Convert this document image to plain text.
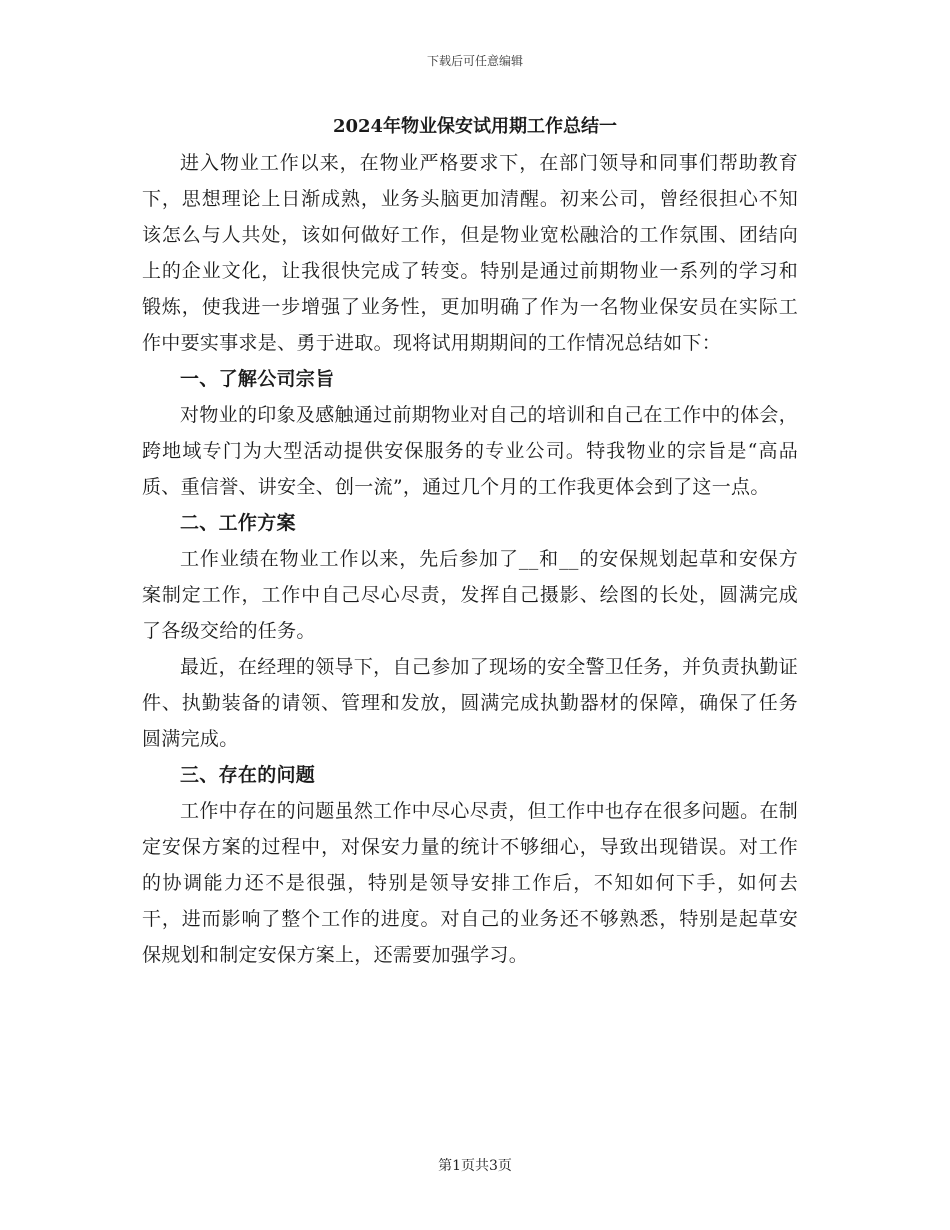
下载后可任意编辑
2024年物业保安试用期工作总结一

进入物业工作以来，在物业严格要求下，在部门领导和同事们帮助教育下，思想理论上日渐成熟，业务头脑更加清醒。初来公司，曾经很担心不知该怎么与人共处，该如何做好工作，但是物业宽松融洽的工作氛围、团结向上的企业文化，让我很快完成了转变。特别是通过前期物业一系列的学习和锻炼，使我进一步增强了业务性，更加明确了作为一名物业保安员在实际工作中要实事求是、勇于进取。现将试用期期间的工作情况总结如下：

一、了解公司宗旨

对物业的印象及感触通过前期物业对自己的培训和自己在工作中的体会，跨地域专门为大型活动提供安保服务的专业公司。特我物业的宗旨是“高品质、重信誉、讲安全、创一流”，通过几个月的工作我更体会到了这一点。

二、工作方案

工作业绩在物业工作以来，先后参加了__和__的安保规划起草和安保方案制定工作，工作中自己尽心尽责，发挥自己摄影、绘图的长处，圆满完成了各级交给的任务。

最近，在经理的领导下，自己参加了现场的安全警卫任务，并负责执勤证件、执勤装备的请领、管理和发放，圆满完成执勤器材的保障，确保了任务圆满完成。

三、存在的问题

工作中存在的问题虽然工作中尽心尽责，但工作中也存在很多问题。在制定安保方案的过程中，对保安力量的统计不够细心，导致出现错误。对工作的协调能力还不是很强，特别是领导安排工作后，不知如何下手，如何去干，进而影响了整个工作的进度。对自己的业务还不够熟悉，特别是起草安保规划和制定安保方案上，还需要加强学习。

第1页共3页
